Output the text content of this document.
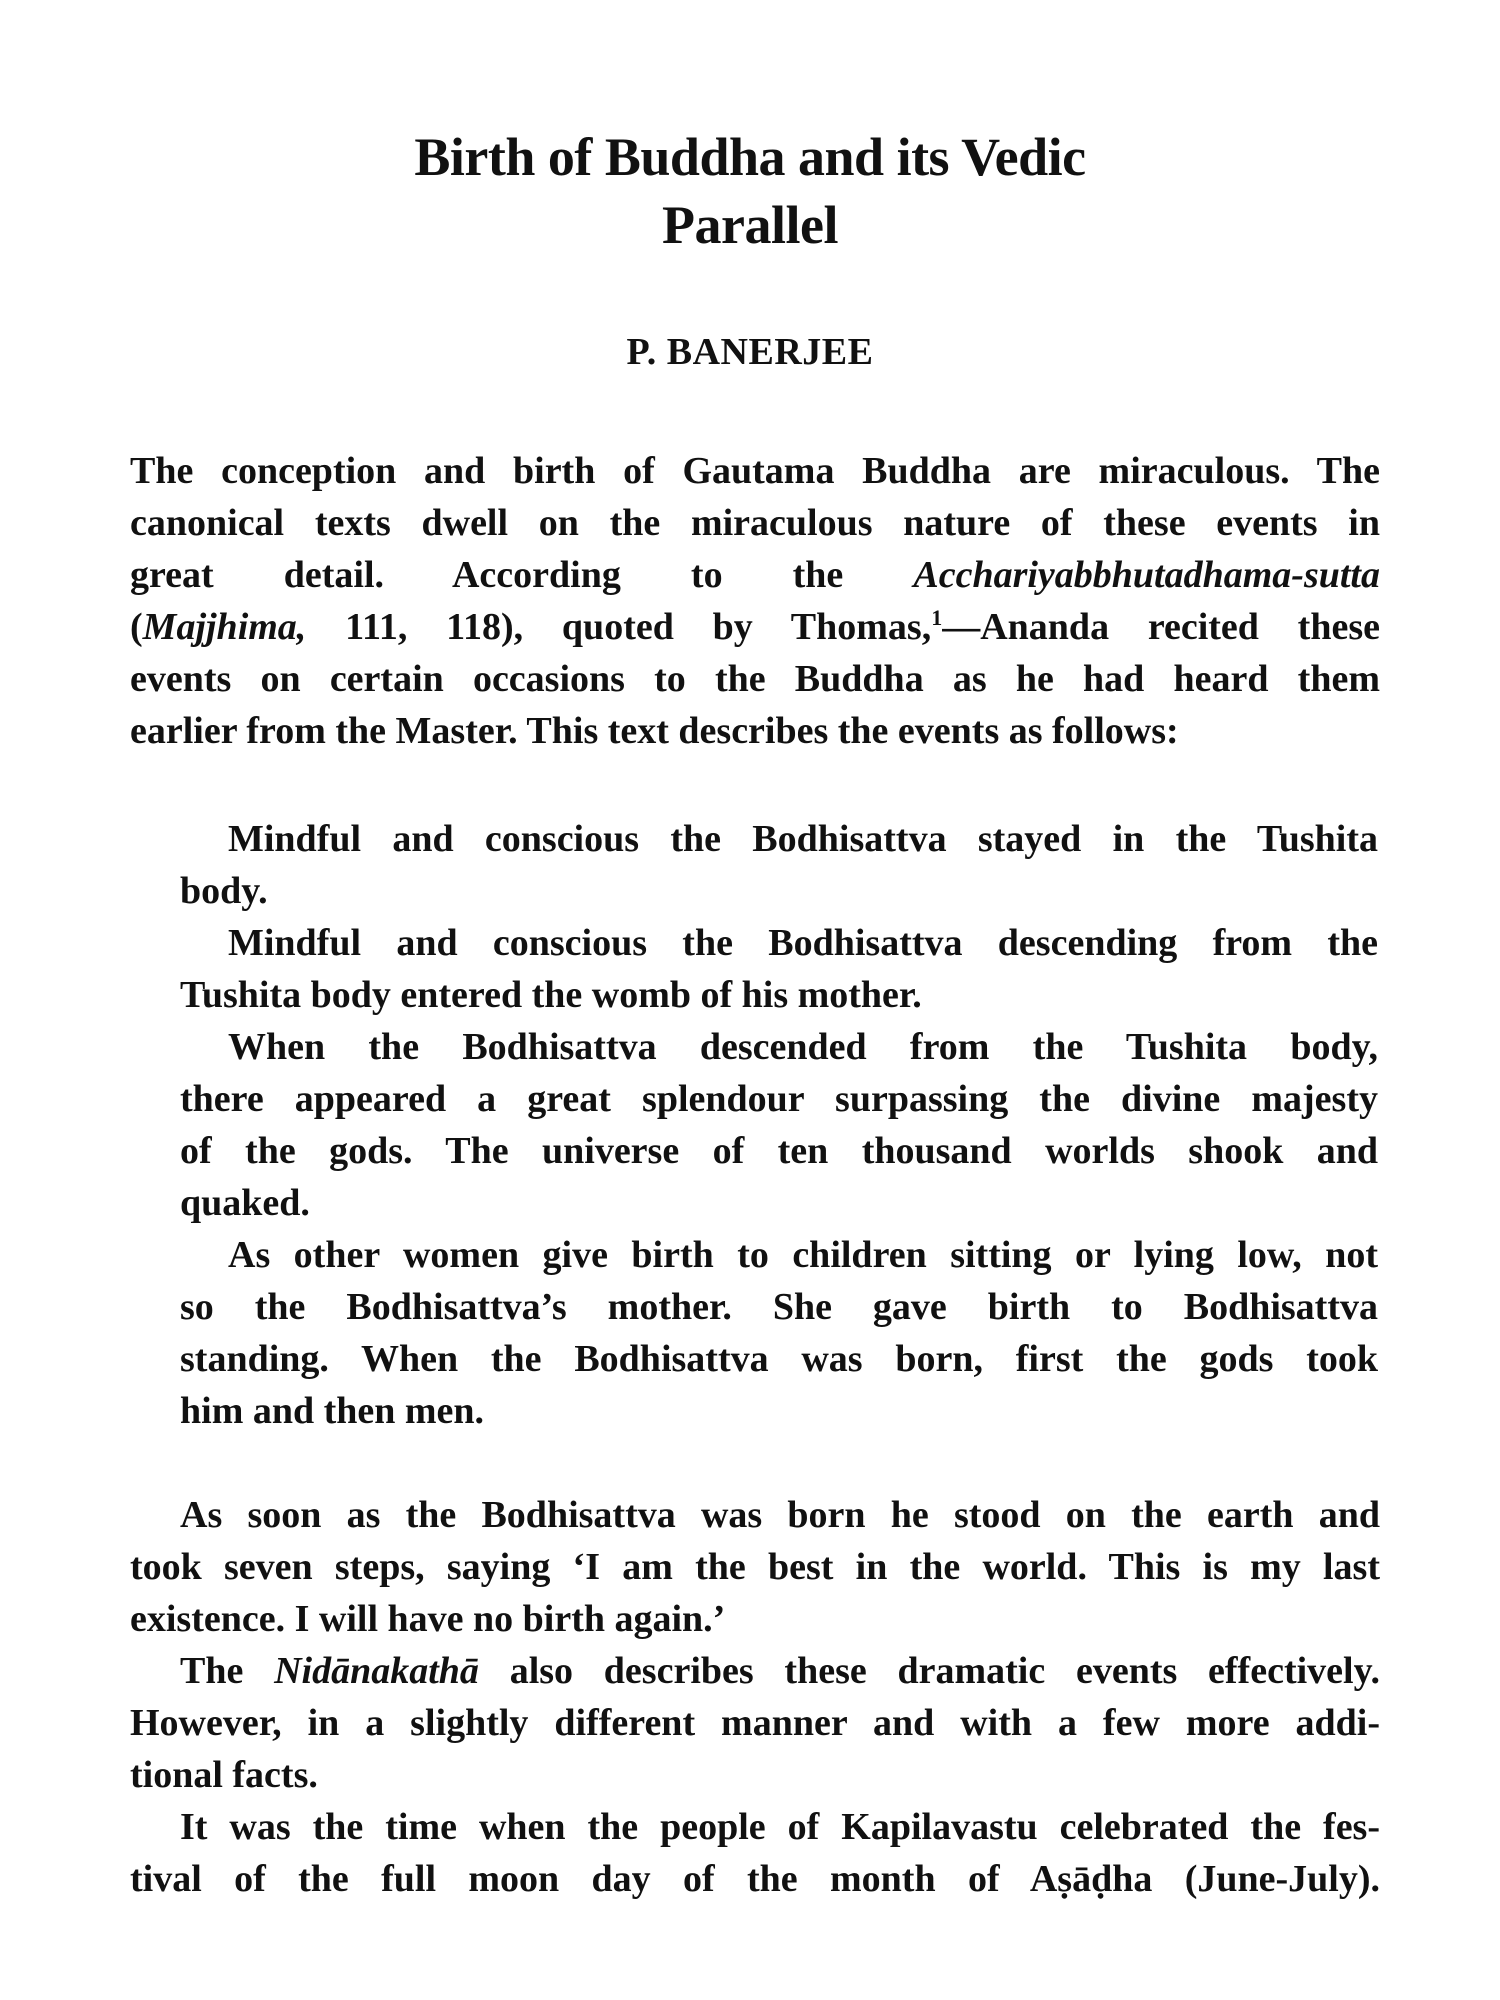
Birth of Buddha and its Vedic
Parallel
P. BANERJEE
The conception and birth of Gautama Buddha are miraculous. The
canonical texts dwell on the miraculous nature of these events in
great detail. According to the Acchariyabbhutadhama-sutta
(Majjhima, 111, 118), quoted by Thomas,$^1$—Ananda recited these
events on certain occasions to the Buddha as he had heard them
earlier from the Master. This text describes the events as follows:
Mindful and conscious the Bodhisattva stayed in the Tushita
body.
Mindful and conscious the Bodhisattva descending from the
Tushita body entered the womb of his mother.
When the Bodhisattva descended from the Tushita body,
there appeared a great splendour surpassing the divine majesty
of the gods. The universe of ten thousand worlds shook and
quaked.
As other women give birth to children sitting or lying low, not
so the Bodhisattva’s mother. She gave birth to Bodhisattva
standing. When the Bodhisattva was born, first the gods took
him and then men.
As soon as the Bodhisattva was born he stood on the earth and
took seven steps, saying ‘I am the best in the world. This is my last
existence. I will have no birth again.’
The Nidānakathā also describes these dramatic events effectively.
However, in a slightly different manner and with a few more addi-
tional facts.
It was the time when the people of Kapilavastu celebrated the fes-
tival of the full moon day of the month of Aṣāḍha (June-July).
